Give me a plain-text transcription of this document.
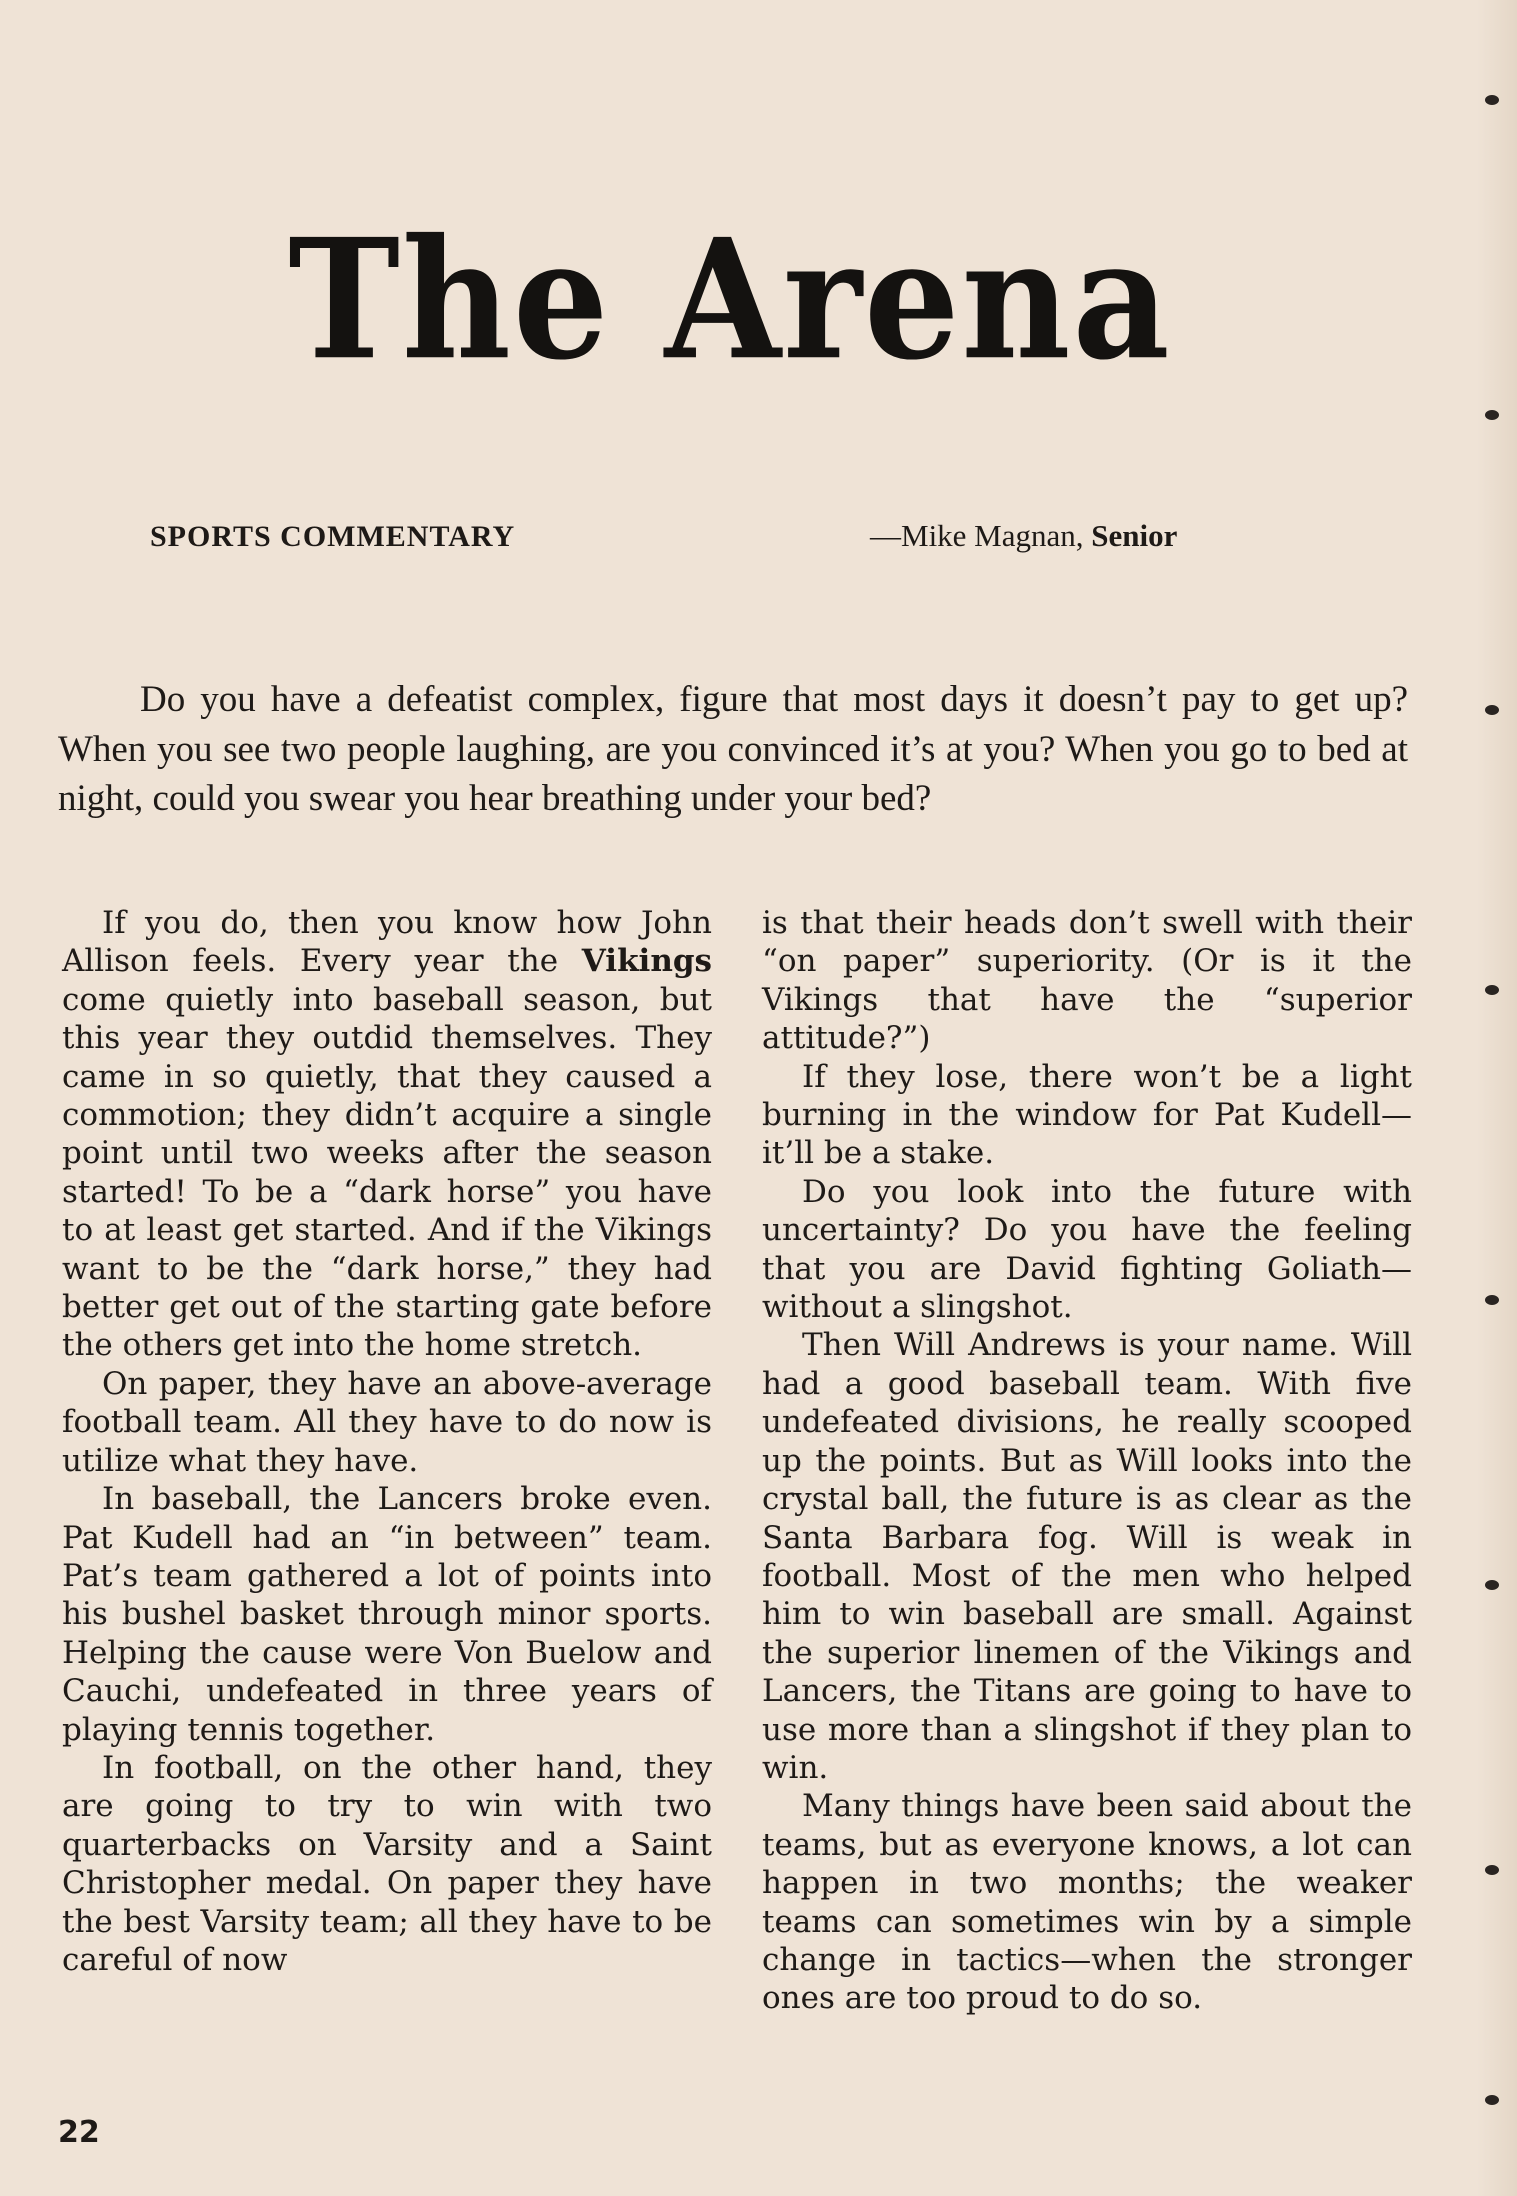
The Arena
SPORTS COMMENTARY	—Mike Magnan, Senior

Do you have a defeatist complex, figure that most days it doesn’t pay to get up? When you see two people laughing, are you convinced it’s at you? When you go to bed at night, could you swear you hear breathing under your bed?

If you do, then you know how John Allison feels. Every year the Vikings come quietly into baseball season, but this year they outdid themselves. They came in so quietly, that they caused a commotion; they didn’t acquire a single point until two weeks after the season started! To be a “dark horse” you have to at least get started. And if the Vikings want to be the “dark horse,” they had better get out of the starting gate before the others get into the home stretch.

On paper, they have an above-average football team. All they have to do now is utilize what they have.

In baseball, the Lancers broke even. Pat Kudell had an “in between” team. Pat’s team gathered a lot of points into his bushel basket through minor sports. Helping the cause were Von Buelow and Cauchi, undefeated in three years of playing tennis together.

In football, on the other hand, they are going to try to win with two quarterbacks on Varsity and a Saint Christopher medal. On paper they have the best Varsity team; all they have to be careful of now

is that their heads don’t swell with their “on paper” superiority. (Or is it the Vikings that have the “superior attitude?”)

If they lose, there won’t be a light burning in the window for Pat Kudell—it’ll be a stake.

Do you look into the future with uncertainty? Do you have the feeling that you are David fighting Goliath—without a slingshot.

Then Will Andrews is your name. Will had a good baseball team. With five undefeated divisions, he really scooped up the points. But as Will looks into the crystal ball, the future is as clear as the Santa Barbara fog. Will is weak in football. Most of the men who helped him to win baseball are small. Against the superior linemen of the Vikings and Lancers, the Titans are going to have to use more than a slingshot if they plan to win.

Many things have been said about the teams, but as everyone knows, a lot can happen in two months; the weaker teams can sometimes win by a simple change in tactics—when the stronger ones are too proud to do so.

22
